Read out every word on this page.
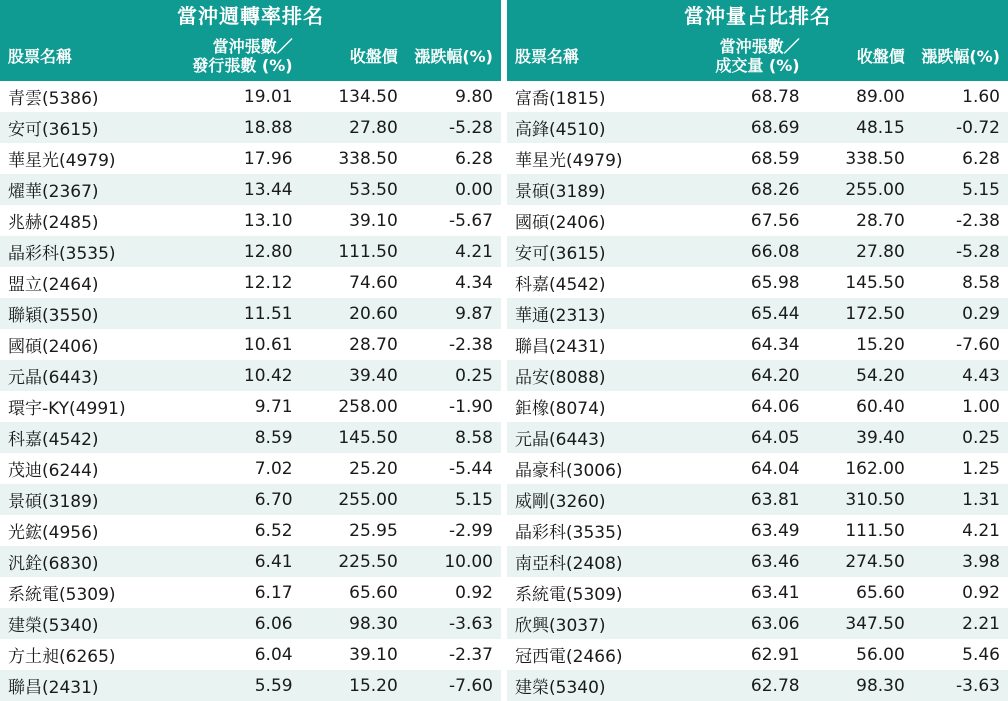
當沖週轉率排名
股票名稱	當沖張數／
發行張數 (%)	收盤價	漲跌幅(%)
青雲(5386)	19.01	134.50	9.80
安可(3615)	18.88	27.80	-5.28
華星光(4979)	17.96	338.50	6.28
燿華(2367)	13.44	53.50	0.00
兆赫(2485)	13.10	39.10	-5.67
晶彩科(3535)	12.80	111.50	4.21
盟立(2464)	12.12	74.60	4.34
聯穎(3550)	11.51	20.60	9.87
國碩(2406)	10.61	28.70	-2.38
元晶(6443)	10.42	39.40	0.25
環宇-KY(4991)	9.71	258.00	-1.90
科嘉(4542)	8.59	145.50	8.58
茂迪(6244)	7.02	25.20	-5.44
景碩(3189)	6.70	255.00	5.15
光鋐(4956)	6.52	25.95	-2.99
汎銓(6830)	6.41	225.50	10.00
系統電(5309)	6.17	65.60	0.92
建榮(5340)	6.06	98.30	-3.63
方土昶(6265)	6.04	39.10	-2.37
聯昌(2431)	5.59	15.20	-7.60
當沖量占比排名
股票名稱	當沖張數／
成交量 (%)	收盤價	漲跌幅(%)
富喬(1815)	68.78	89.00	1.60
高鋒(4510)	68.69	48.15	-0.72
華星光(4979)	68.59	338.50	6.28
景碩(3189)	68.26	255.00	5.15
國碩(2406)	67.56	28.70	-2.38
安可(3615)	66.08	27.80	-5.28
科嘉(4542)	65.98	145.50	8.58
華通(2313)	65.44	172.50	0.29
聯昌(2431)	64.34	15.20	-7.60
品安(8088)	64.20	54.20	4.43
鉅橡(8074)	64.06	60.40	1.00
元晶(6443)	64.05	39.40	0.25
晶豪科(3006)	64.04	162.00	1.25
威剛(3260)	63.81	310.50	1.31
晶彩科(3535)	63.49	111.50	4.21
南亞科(2408)	63.46	274.50	3.98
系統電(5309)	63.41	65.60	0.92
欣興(3037)	63.06	347.50	2.21
冠西電(2466)	62.91	56.00	5.46
建榮(5340)	62.78	98.30	-3.63
